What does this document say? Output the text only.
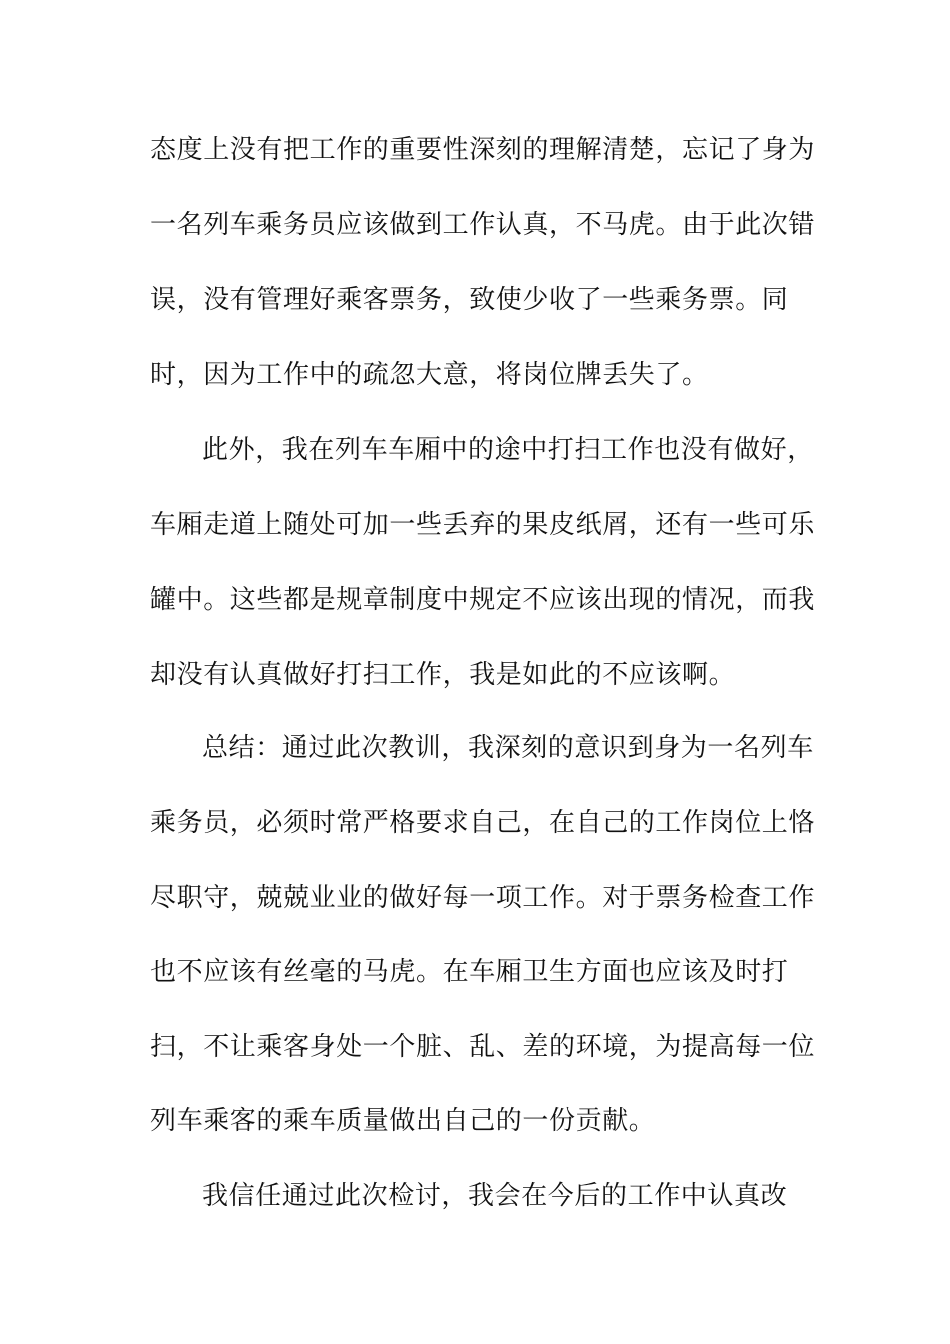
态度上没有把工作的重要性深刻的理解清楚，忘记了身为
一名列车乘务员应该做到工作认真，不马虎。由于此次错
误，没有管理好乘客票务，致使少收了一些乘务票。同
时，因为工作中的疏忽大意，将岗位牌丢失了。
此外，我在列车车厢中的途中打扫工作也没有做好，
车厢走道上随处可加一些丢弃的果皮纸屑，还有一些可乐
罐中。这些都是规章制度中规定不应该出现的情况，而我
却没有认真做好打扫工作，我是如此的不应该啊。
总结：通过此次教训，我深刻的意识到身为一名列车
乘务员，必须时常严格要求自己，在自己的工作岗位上恪
尽职守，兢兢业业的做好每一项工作。对于票务检查工作
也不应该有丝毫的马虎。在车厢卫生方面也应该及时打
扫，不让乘客身处一个脏、乱、差的环境，为提高每一位
列车乘客的乘车质量做出自己的一份贡献。
我信任通过此次检讨，我会在今后的工作中认真改
